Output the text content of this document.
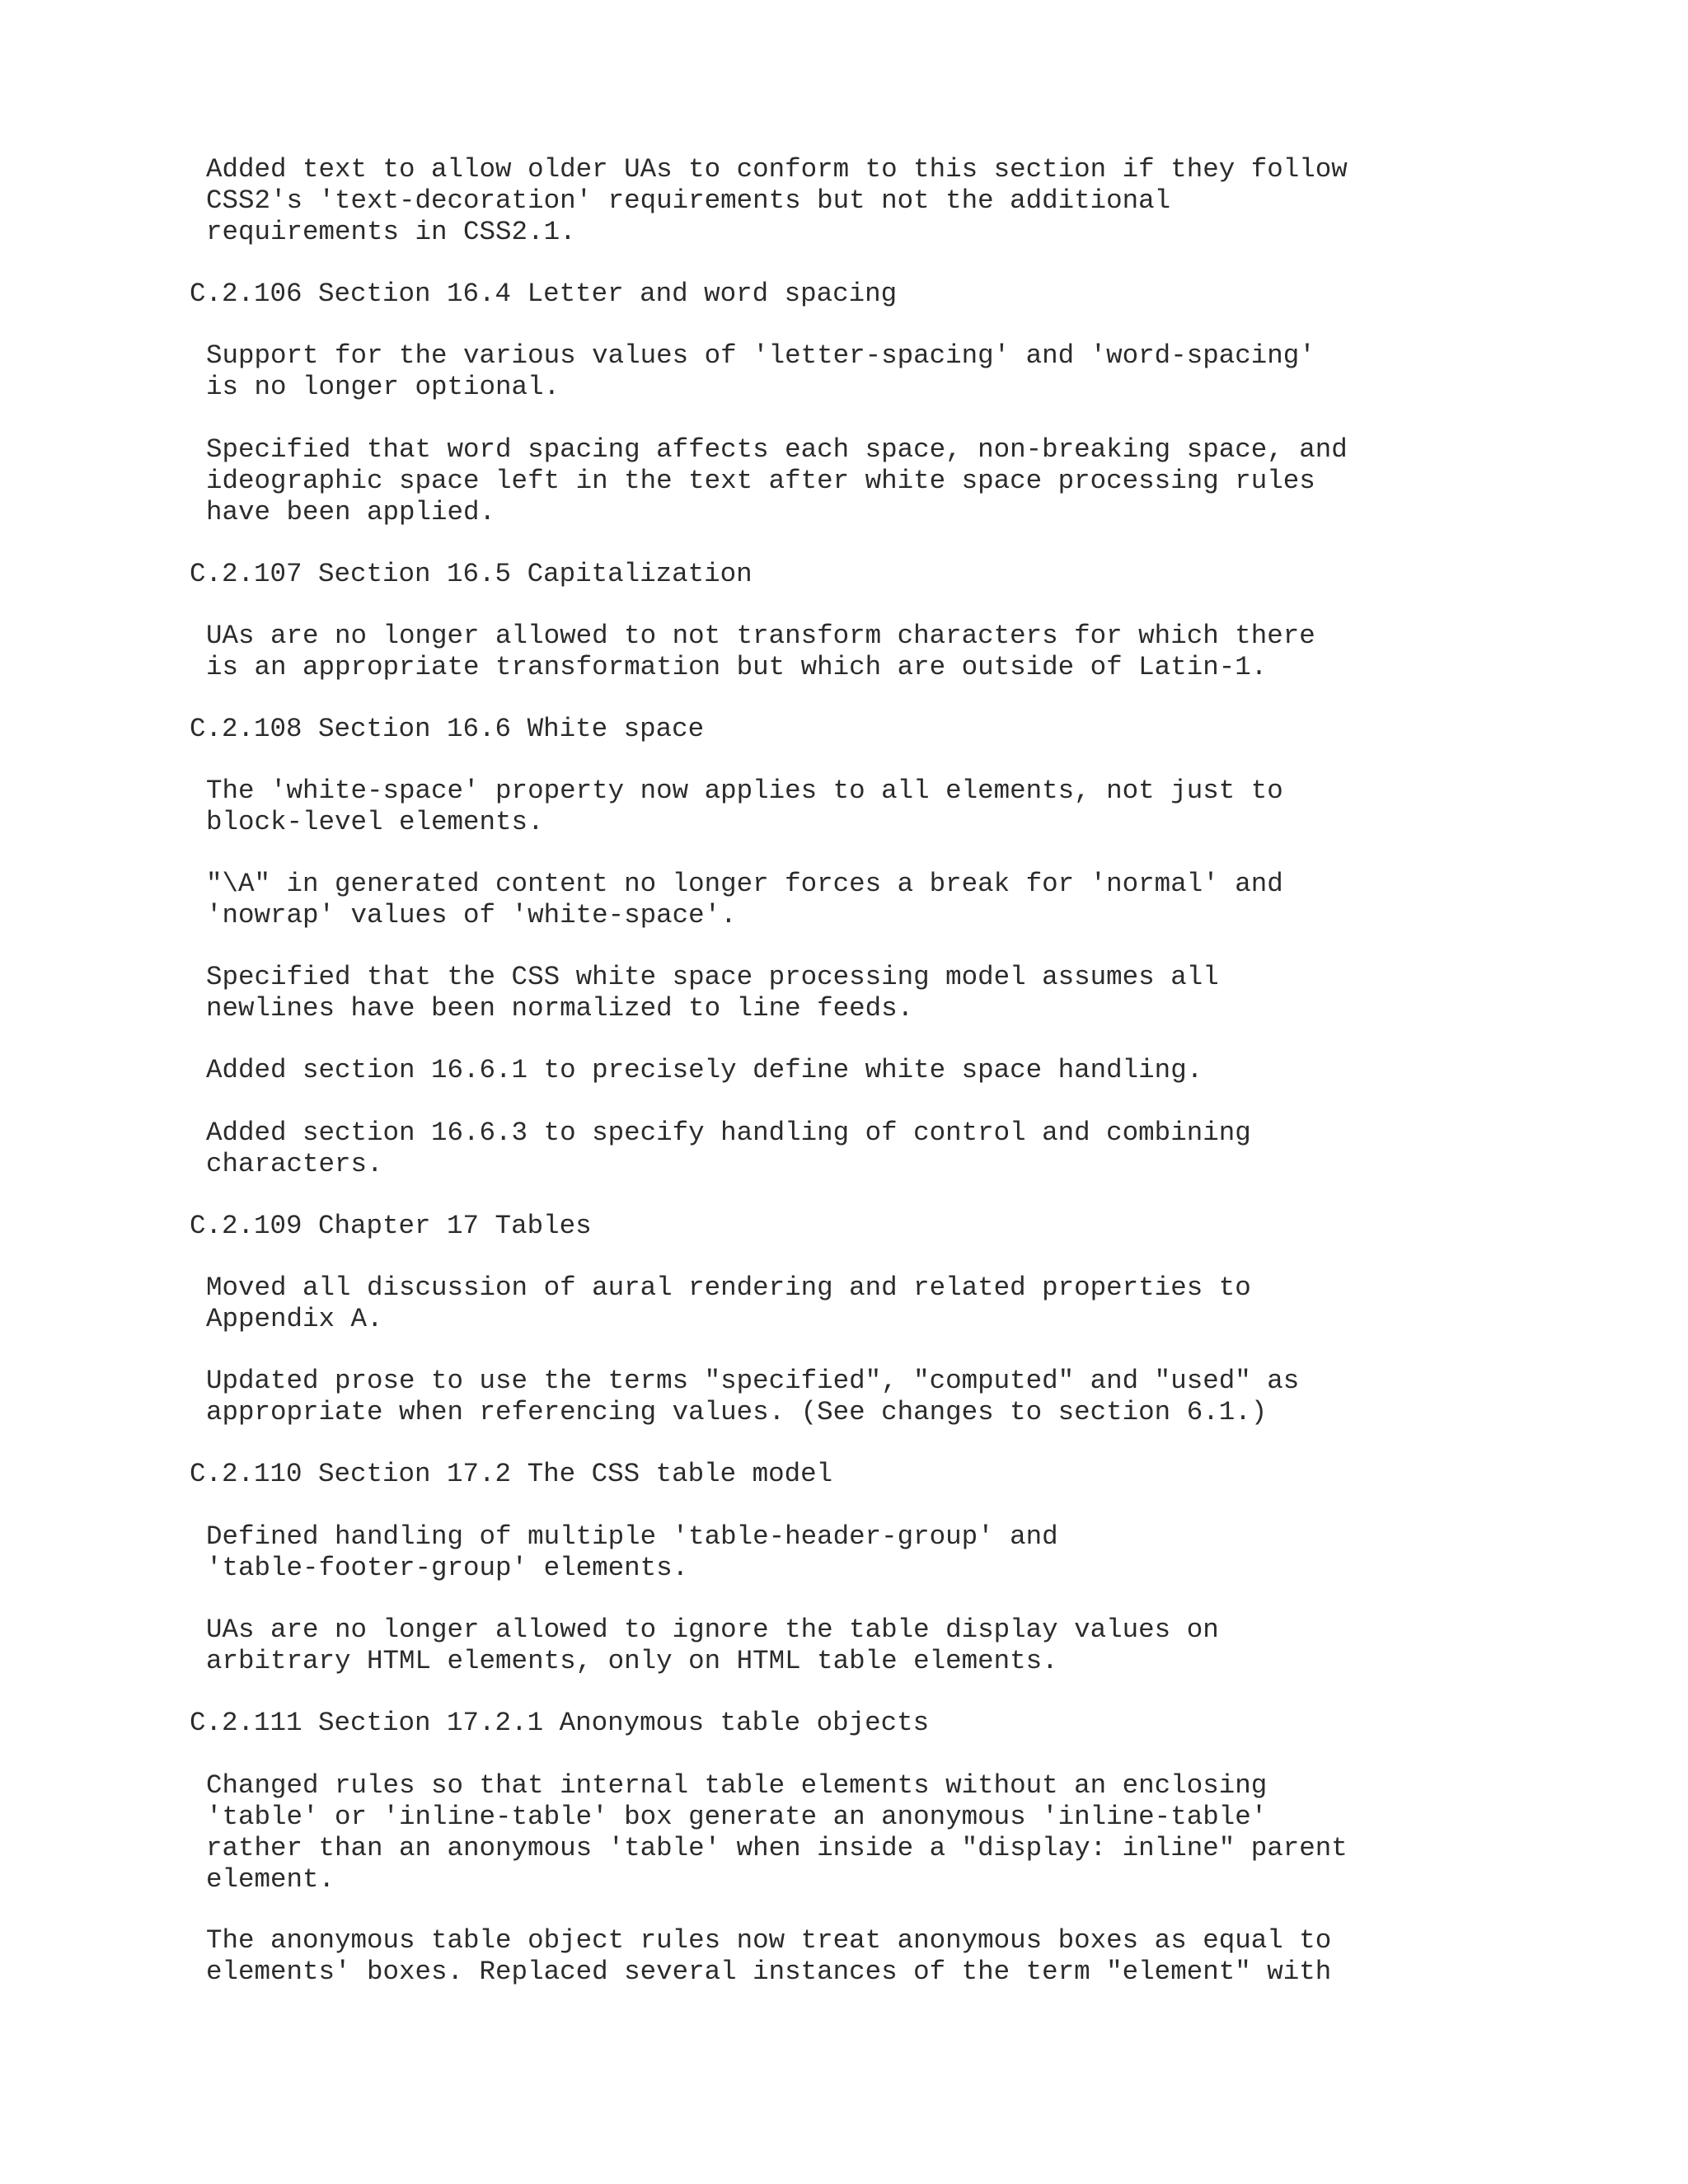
Added text to allow older UAs to conform to this section if they follow
CSS2's 'text-decoration' requirements but not the additional
requirements in CSS2.1.

C.2.106 Section 16.4 Letter and word spacing

Support for the various values of 'letter-spacing' and 'word-spacing'
is no longer optional.

Specified that word spacing affects each space, non-breaking space, and
ideographic space left in the text after white space processing rules
have been applied.

C.2.107 Section 16.5 Capitalization

UAs are no longer allowed to not transform characters for which there
is an appropriate transformation but which are outside of Latin-1.

C.2.108 Section 16.6 White space

The 'white-space' property now applies to all elements, not just to
block-level elements.

"\A" in generated content no longer forces a break for 'normal' and
'nowrap' values of 'white-space'.

Specified that the CSS white space processing model assumes all
newlines have been normalized to line feeds.

Added section 16.6.1 to precisely define white space handling.

Added section 16.6.3 to specify handling of control and combining
characters.

C.2.109 Chapter 17 Tables

Moved all discussion of aural rendering and related properties to
Appendix A.

Updated prose to use the terms "specified", "computed" and "used" as
appropriate when referencing values. (See changes to section 6.1.)

C.2.110 Section 17.2 The CSS table model

Defined handling of multiple 'table-header-group' and
'table-footer-group' elements.

UAs are no longer allowed to ignore the table display values on
arbitrary HTML elements, only on HTML table elements.

C.2.111 Section 17.2.1 Anonymous table objects

Changed rules so that internal table elements without an enclosing
'table' or 'inline-table' box generate an anonymous 'inline-table'
rather than an anonymous 'table' when inside a "display: inline" parent
element.

The anonymous table object rules now treat anonymous boxes as equal to
elements' boxes. Replaced several instances of the term "element" with
